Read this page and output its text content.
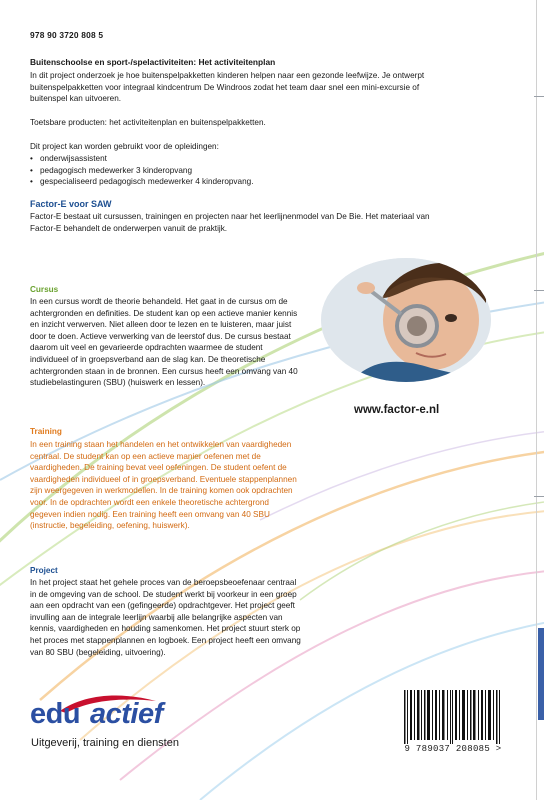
978 90 3720 808 5
Buitenschoolse en sport-/spelactiviteiten: Het activiteitenplan
In dit project onderzoek je hoe buitenspelpakketten kinderen helpen naar een gezonde leefwijze. Je ontwerpt buitenspelpakketten voor integraal kindcentrum De Windroos zodat het team daar snel een mini-excursie of buitenspel kan uitvoeren.
Toetsbare producten: het activiteitenplan en buitenspelpakketten.
Dit project kan worden gebruikt voor de opleidingen:
• onderwijsassistent
• pedagogisch medewerker 3 kinderopvang
• gespecialiseerd pedagogisch medewerker 4 kinderopvang.
Factor-E voor SAW
Factor-E bestaat uit cursussen, trainingen en projecten naar het leerlijnenmodel van De Bie. Het materiaal van Factor-E behandelt de onderwerpen vanuit de praktijk.
Cursus
In een cursus wordt de theorie behandeld. Het gaat in de cursus om de achtergronden en definities. De student kan op een actieve manier kennis en inzicht verwerven. Niet alleen door te lezen en te luisteren, maar juist door te doen. Actieve verwerking van de leerstof dus. De cursus bestaat daarom uit veel en gevarieerde opdrachten waarmee de student individueel of in groepsverband aan de slag kan. De theoretische achtergronden staan in de bronnen. Een cursus heeft een omvang van 40 studiebelastinguren (SBU) (huiswerk en lessen).
Training
In een training staan het handelen en het ontwikkelen van vaardigheden centraal. De student kan op een actieve manier oefenen met de vaardigheden. De training bevat veel oefeningen. De student oefent de vaardigheden individueel of in groepsverband. Eventuele stappenplannen zijn weergegeven in werkmodellen. In de training komen ook opdrachten voor. In de opdrachten wordt een enkele theoretische achtergrond gegeven indien nodig. Een training heeft een omvang van 40 SBU (instructie, begeleiding, oefening, huiswerk).
Project
In het project staat het gehele proces van de beroepsbeoefenaar centraal in de omgeving van de school. De student werkt bij voorkeur in een groep aan een opdracht van een (gefingeerde) opdrachtgever. Het project geeft invulling aan de integrale leerlijn waarbij alle belangrijke aspecten van kennis, vaardigheden en houding samenkomen. Het project stuurt sterk op het proces met stappenplannen en logboek. Een project heeft een omvang van 80 SBU (begeleiding, uitvoering).
www.factor-e.nl
edu actief
Uitgeverij, training en diensten	9 789037 208085 >
